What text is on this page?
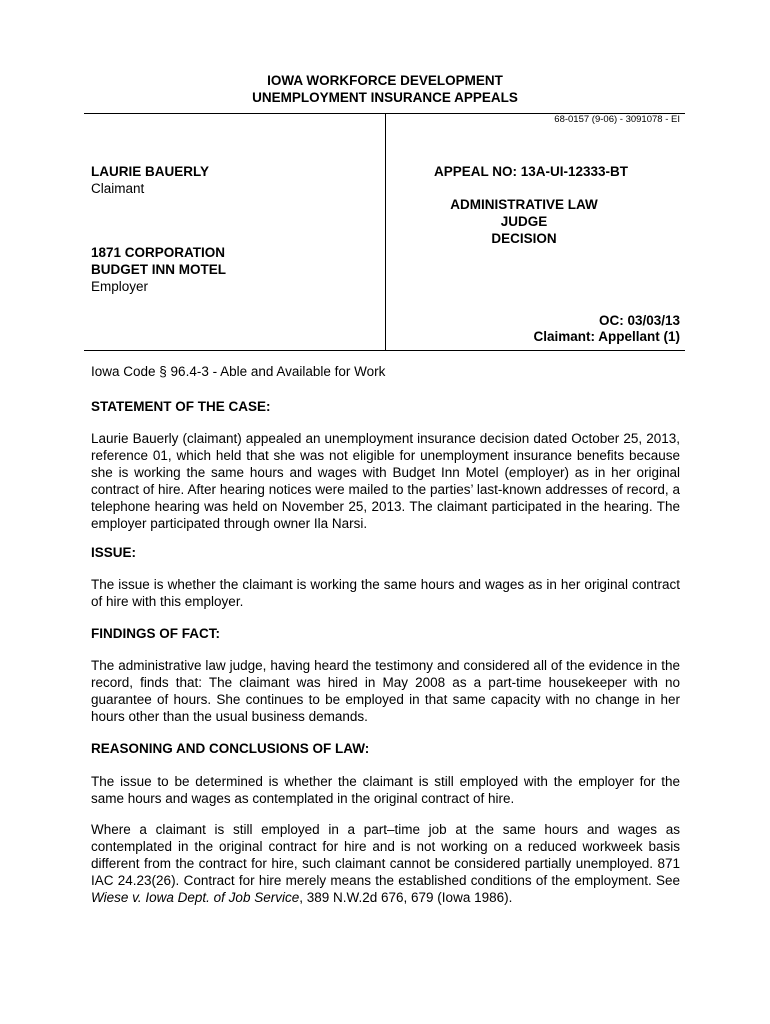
IOWA WORKFORCE DEVELOPMENT
UNEMPLOYMENT INSURANCE APPEALS
68-0157 (9-06) - 3091078 - EI
LAURIE BAUERLY
Claimant
1871 CORPORATION
BUDGET INN MOTEL
Employer
APPEAL NO: 13A-UI-12333-BT
ADMINISTRATIVE LAW JUDGE
DECISION
OC: 03/03/13
Claimant: Appellant (1)
Iowa Code § 96.4-3 - Able and Available for Work
STATEMENT OF THE CASE:
Laurie Bauerly (claimant) appealed an unemployment insurance decision dated October 25, 2013, reference 01, which held that she was not eligible for unemployment insurance benefits because she is working the same hours and wages with Budget Inn Motel (employer) as in her original contract of hire. After hearing notices were mailed to the parties’ last-known addresses of record, a telephone hearing was held on November 25, 2013. The claimant participated in the hearing. The employer participated through owner Ila Narsi.
ISSUE:
The issue is whether the claimant is working the same hours and wages as in her original contract of hire with this employer.
FINDINGS OF FACT:
The administrative law judge, having heard the testimony and considered all of the evidence in the record, finds that: The claimant was hired in May 2008 as a part-time housekeeper with no guarantee of hours. She continues to be employed in that same capacity with no change in her hours other than the usual business demands.
REASONING AND CONCLUSIONS OF LAW:
The issue to be determined is whether the claimant is still employed with the employer for the same hours and wages as contemplated in the original contract of hire.
Where a claimant is still employed in a part–time job at the same hours and wages as contemplated in the original contract for hire and is not working on a reduced workweek basis different from the contract for hire, such claimant cannot be considered partially unemployed. 871 IAC 24.23(26). Contract for hire merely means the established conditions of the employment. See Wiese v. Iowa Dept. of Job Service, 389 N.W.2d 676, 679 (Iowa 1986).
